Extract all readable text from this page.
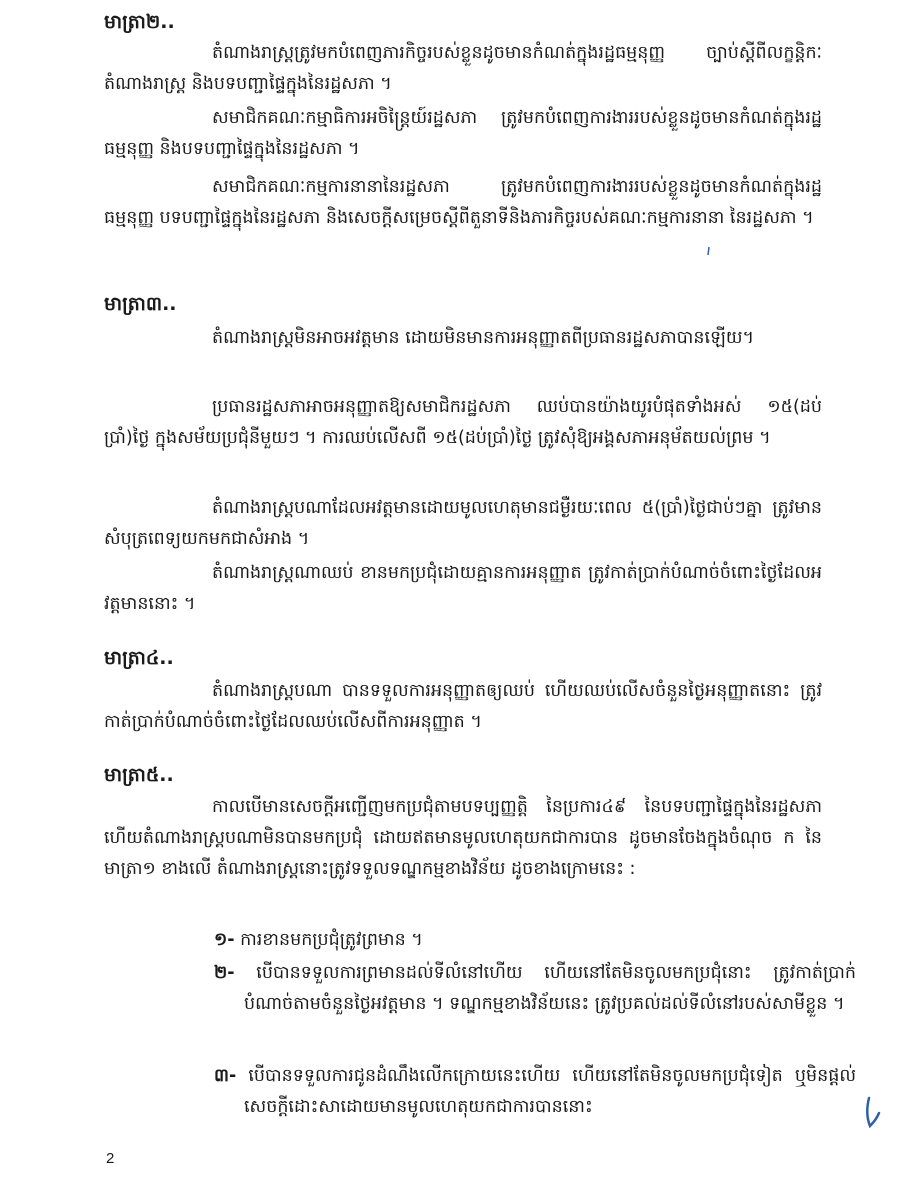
មាត្រា២..
តំណាងរាស្ត្រត្រូវមកបំពេញភារកិច្ចរបស់ខ្លួនដូចមានកំណត់ក្នុងរដ្ឋធម្មនុញ្ញ ច្បាប់ស្ដីពីលក្ខន្តិកៈតំណាងរាស្ត្រ និងបទបញ្ជាផ្ទៃក្នុងនៃរដ្ឋសភា ។
សមាជិកគណៈកម្មាធិការអចិន្ត្រៃយ៍រដ្ឋសភា ត្រូវមកបំពេញការងាររបស់ខ្លួនដូចមានកំណត់ក្នុងរដ្ឋធម្មនុញ្ញ និងបទបញ្ជាផ្ទៃក្នុងនៃរដ្ឋសភា ។
សមាជិកគណៈកម្មការនានានៃរដ្ឋសភា ត្រូវមកបំពេញការងាររបស់ខ្លួនដូចមានកំណត់ក្នុងរដ្ឋធម្មនុញ្ញ បទបញ្ជាផ្ទៃក្នុងនៃរដ្ឋសភា និងសេចក្ដីសម្រេចស្ដីពីតួនាទីនិងភារកិច្ចរបស់គណៈកម្មការនានា នៃរដ្ឋសភា ។
មាត្រា៣..
តំណាងរាស្ត្រមិនអាចអវត្តមាន ដោយមិនមានការអនុញ្ញាតពីប្រធានរដ្ឋសភាបានឡើយ។
ប្រធានរដ្ឋសភាអាចអនុញ្ញាតឱ្យសមាជិករដ្ឋសភា ឈប់បានយ៉ាងយូរបំផុតទាំងអស់ ១៥(ដប់ប្រាំ)ថ្ងៃ ក្នុងសម័យប្រជុំនីមួយៗ ។ ការឈប់លើសពី ១៥(ដប់ប្រាំ)ថ្ងៃ ត្រូវសុំឱ្យអង្គសភាអនុម័តយល់ព្រម ។
តំណាងរាស្ត្របណាដែលអវត្តមានដោយមូលហេតុមានជម្ងឺរយៈពេល ៥(ប្រាំ)ថ្ងៃជាប់ៗគ្នា ត្រូវមានសំបុត្រពេទ្យយកមកជាសំអាង ។
តំណាងរាស្ត្រណាឈប់ ខានមកប្រជុំដោយគ្មានការអនុញ្ញាត ត្រូវកាត់ប្រាក់បំណាច់ចំពោះថ្ងៃដែលអវត្តមាននោះ ។
មាត្រា៤..
តំណាងរាស្ត្របណា បានទទួលការអនុញ្ញាតឲ្យឈប់ ហើយឈប់លើសចំនួនថ្ងៃអនុញ្ញាតនោះ ត្រូវកាត់ប្រាក់បំណាច់ចំពោះថ្ងៃដែលឈប់លើសពីការអនុញ្ញាត ។
មាត្រា៥..
កាលបើមានសេចក្ដីអញ្ជើញមកប្រជុំតាមបទប្បញ្ញត្តិ នៃប្រការ៤៩ នៃបទបញ្ជាផ្ទៃក្នុងនៃរដ្ឋសភា ហើយតំណាងរាស្ត្របណាមិនបានមកប្រជុំ ដោយឥតមានមូលហេតុយកជាការបាន ដូចមានចែងក្នុងចំណុច ក នៃមាត្រា១ ខាងលើ តំណាងរាស្ត្រនោះត្រូវទទួលទណ្ឌកម្មខាងវិន័យ ដូចខាងក្រោមនេះ :
១- ការខានមកប្រជុំត្រូវព្រមាន ។
២- បើបានទទួលការព្រមានដល់ទីលំនៅហើយ ហើយនៅតែមិនចូលមកប្រជុំនោះ ត្រូវកាត់ប្រាក់បំណាច់តាមចំនួនថ្ងៃអវត្តមាន ។ ទណ្ឌកម្មខាងវិន័យនេះ ត្រូវប្រគល់ដល់ទីលំនៅរបស់សាមីខ្លួន ។
៣- បើបានទទួលការជូនដំណឹងលើកក្រោយនេះហើយ ហើយនៅតែមិនចូលមកប្រជុំទៀត ឬមិនផ្ដល់សេចក្ដីដោះសាដោយមានមូលហេតុយកជាការបាននោះ
2
